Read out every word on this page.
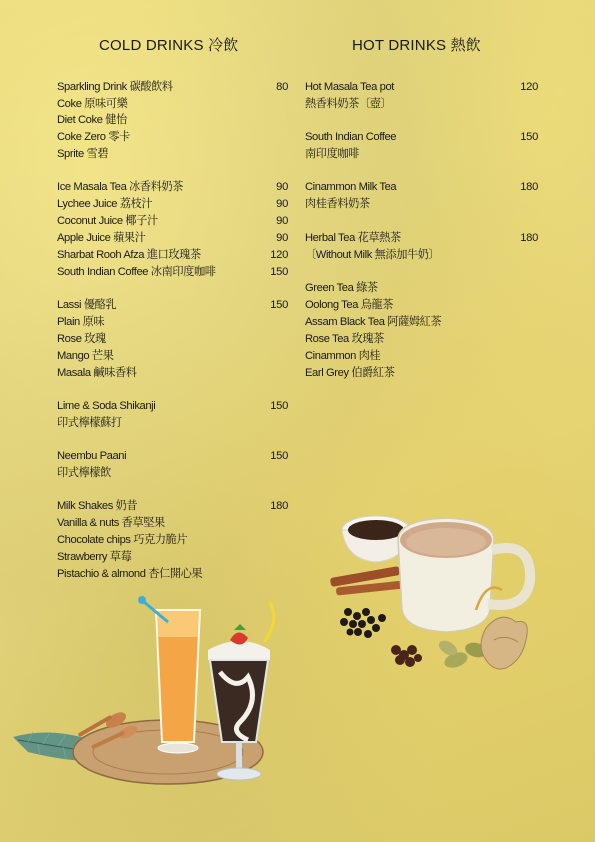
COLD DRINKS 冷飲	HOT DRINKS 熱飲
Sparkling Drink 碳酸飲料	80
Coke 原味可樂
Diet Coke 健怡
Coke Zero 零卡
Sprite 雪碧
Ice Masala Tea 冰香料奶茶	90
Lychee Juice 荔枝汁	90
Coconut Juice 椰子汁	90
Apple Juice 蘋果汁	90
Sharbat Rooh Afza 進口玫瑰茶	120
South Indian Coffee 冰南印度咖啡	150
Lassi 優酪乳	150
Plain 原味
Rose 玫瑰
Mango 芒果
Masala 鹹味香料
Lime & Soda Shikanji	150
印式檸檬蘇打
Neembu Paani	150
印式檸檬飲
Milk Shakes 奶昔	180
Vanilla & nuts 香草堅果
Chocolate chips 巧克力脆片
Strawberry 草莓
Pistachio & almond 杏仁開心果
Hot Masala Tea pot	120
熱香料奶茶〔壺〕
South Indian Coffee	150
南印度咖啡
Cinammon Milk Tea	180
肉桂香料奶茶
Herbal Tea 花草熱茶	180
〔Without Milk 無添加牛奶〕
Green Tea 綠茶
Oolong Tea 烏龍茶
Assam Black Tea 阿薩姆紅茶
Rose Tea 玫瑰茶
Cinammon 肉桂
Earl Grey 伯爵紅茶
